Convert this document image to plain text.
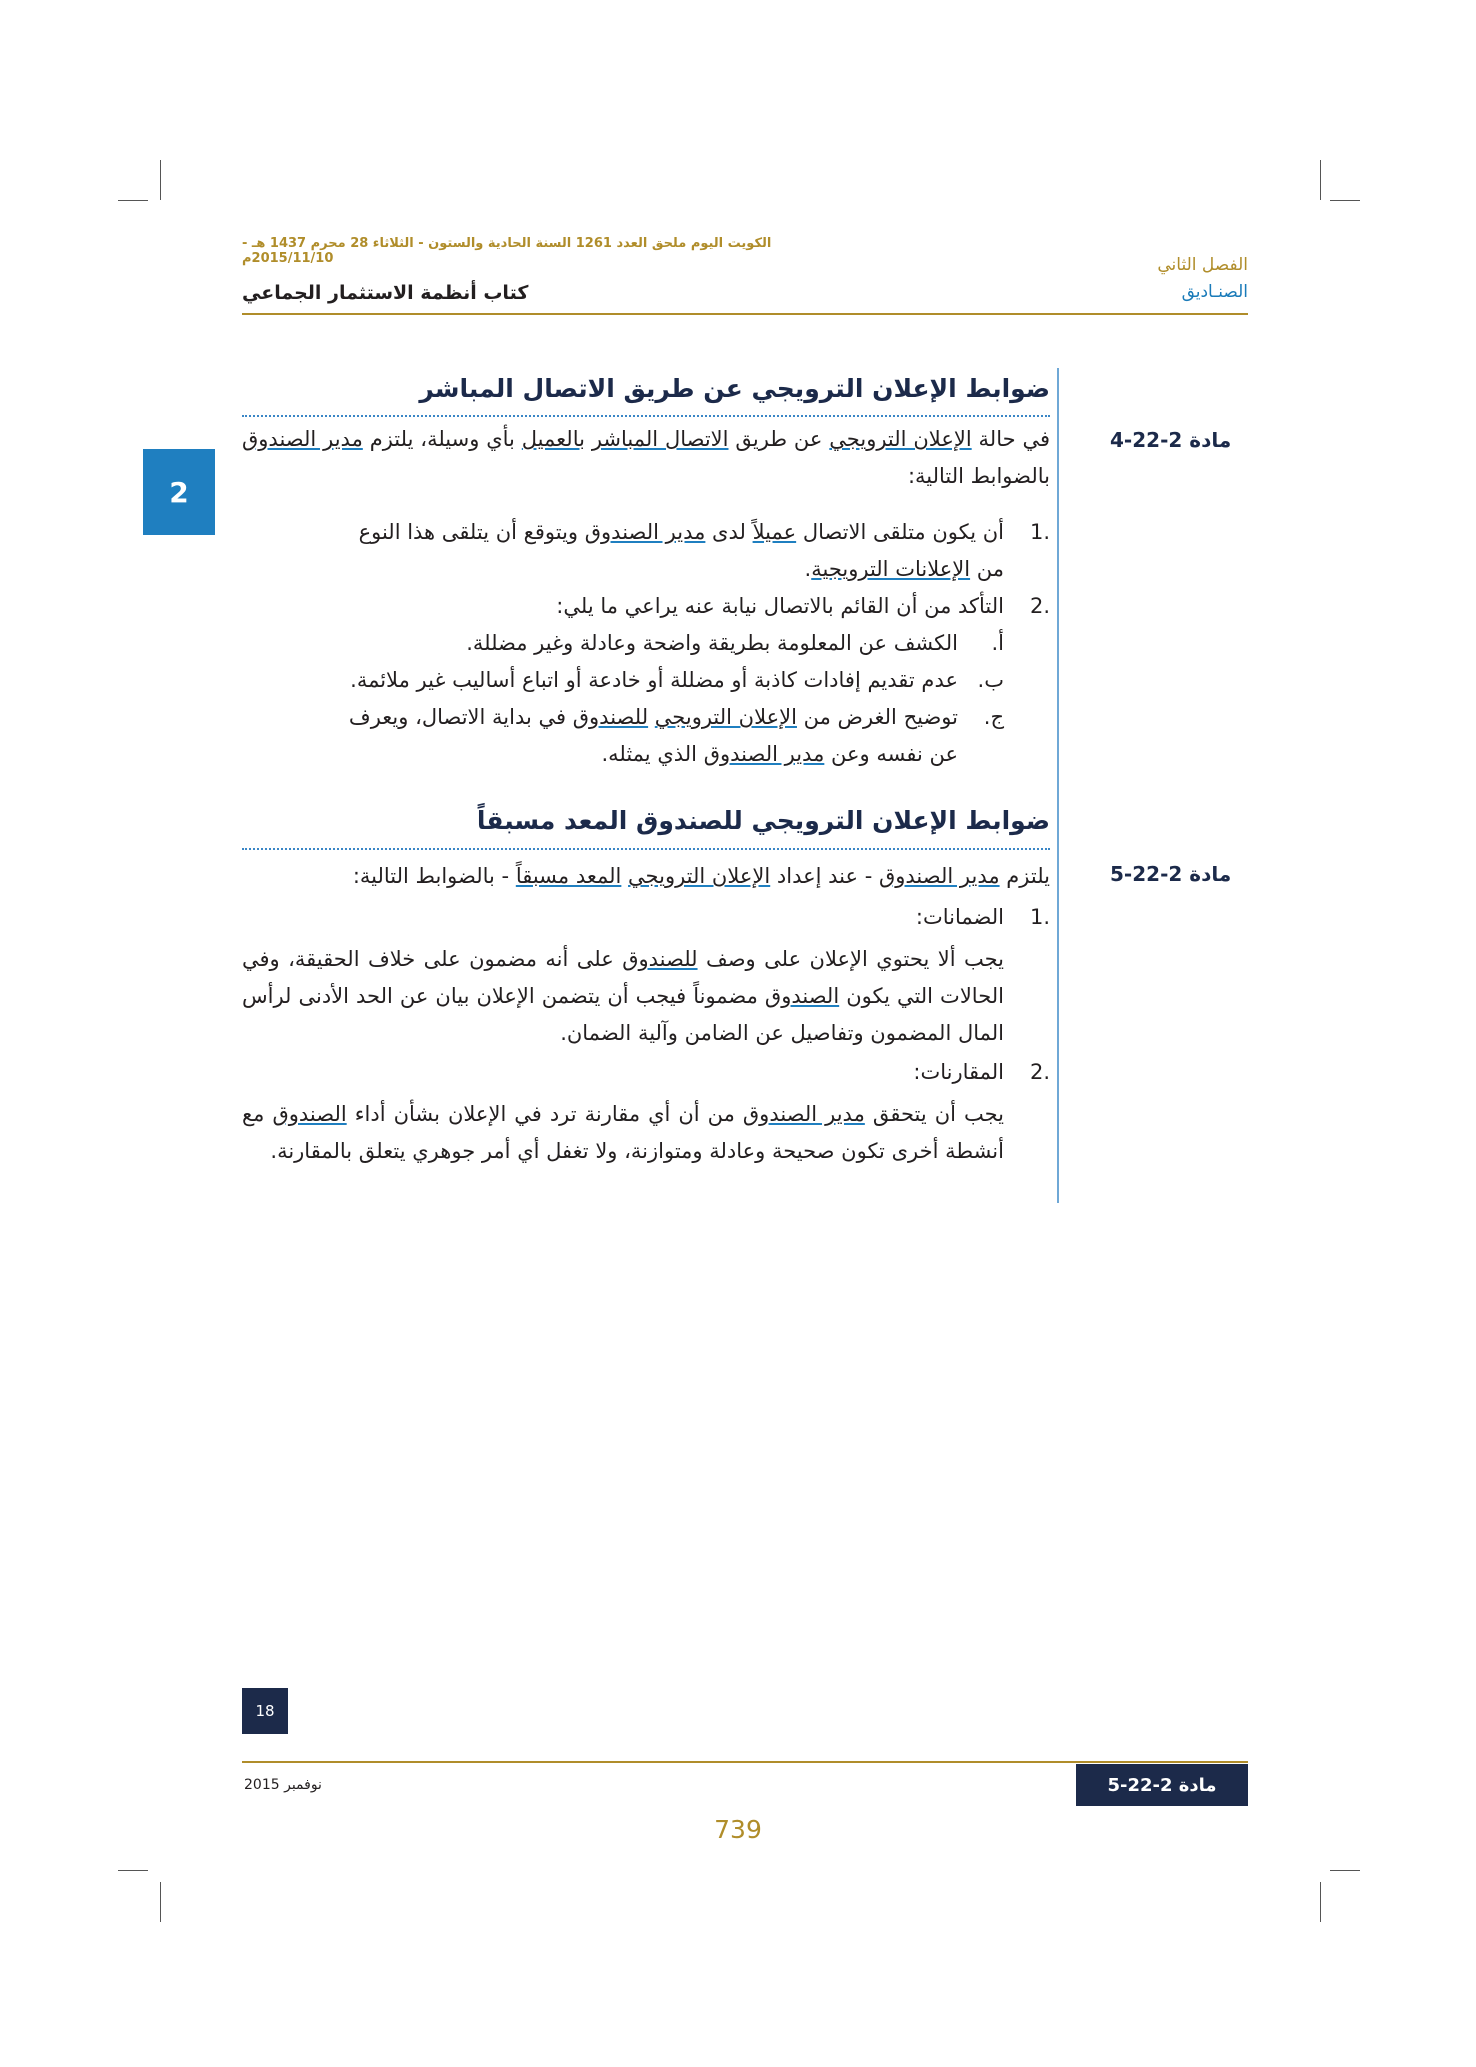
الكويت اليوم ملحق العدد 1261 السنة الحادية والستون - الثلاثاء 28 محرم 1437 هـ - 2015/11/10م	الفصل الثاني
الصنـاديق
كتاب أنظمة الاستثمار الجماعي
2
ضوابط الإعلان الترويجي عن طريق الاتصال المباشر
مادة 2-22-4
في حالة الإعلان الترويجي عن طريق الاتصال المباشر بالعميل بأي وسيلة، يلتزم مدير الصندوق بالضوابط التالية:
.1أن يكون متلقى الاتصال عميلاً لدى مدير الصندوق ويتوقع أن يتلقى هذا النوع
من الإعلانات الترويجية.
.2التأكد من أن القائم بالاتصال نيابة عنه يراعي ما يلي:
أ.الكشف عن المعلومة بطريقة واضحة وعادلة وغير مضللة.
ب.عدم تقديم إفادات كاذبة أو مضللة أو خادعة أو اتباع أساليب غير ملائمة.
ج.توضيح الغرض من الإعلان الترويجي للصندوق في بداية الاتصال، ويعرف
عن نفسه وعن مدير الصندوق الذي يمثله.
ضوابط الإعلان الترويجي للصندوق المعد مسبقاً
مادة 2-22-5
يلتزم مدير الصندوق - عند إعداد الإعلان الترويجي المعد مسبقاً - بالضوابط التالية:
.1الضمانات:
يجب ألا يحتوي الإعلان على وصف للصندوق على أنه مضمون على خلاف الحقيقة، وفي الحالات التي يكون الصندوق مضموناً فيجب أن يتضمن الإعلان بيان عن الحد الأدنى لرأس المال المضمون وتفاصيل عن الضامن وآلية الضمان.
.2المقارنات:
يجب أن يتحقق مدير الصندوق من أن أي مقارنة ترد في الإعلان بشأن أداء الصندوق مع أنشطة أخرى تكون صحيحة وعادلة ومتوازنة، ولا تغفل أي أمر جوهري يتعلق بالمقارنة.
18
نوفمبر 2015	مادة 2-22-5
739
